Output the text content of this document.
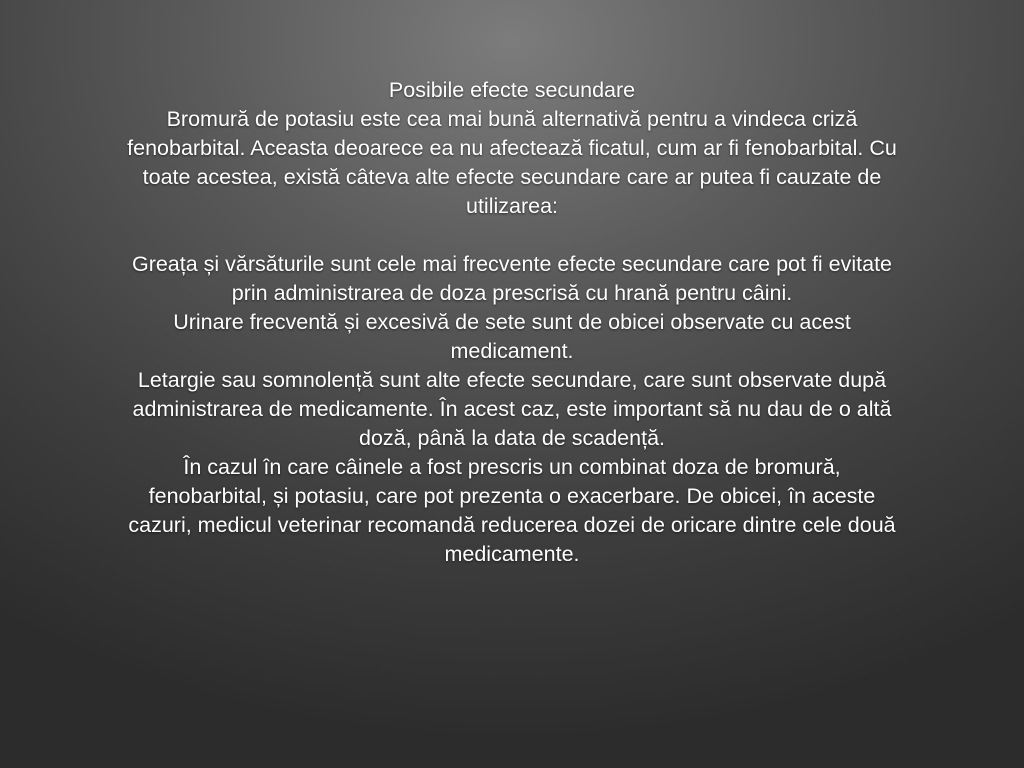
Posibile efecte secundare
Bromură de potasiu este cea mai bună alternativă pentru a vindeca criză
fenobarbital. Aceasta deoarece ea nu afectează ficatul, cum ar fi fenobarbital. Cu
toate acestea, există câteva alte efecte secundare care ar putea fi cauzate de
utilizarea:
Greața și vărsăturile sunt cele mai frecvente efecte secundare care pot fi evitate
prin administrarea de doza prescrisă cu hrană pentru câini.
Urinare frecventă și excesivă de sete sunt de obicei observate cu acest
medicament.
Letargie sau somnolență sunt alte efecte secundare, care sunt observate după
administrarea de medicamente. În acest caz, este important să nu dau de o altă
doză, până la data de scadență.
În cazul în care câinele a fost prescris un combinat doza de bromură,
fenobarbital, și potasiu, care pot prezenta o exacerbare. De obicei, în aceste
cazuri, medicul veterinar recomandă reducerea dozei de oricare dintre cele două
medicamente.
